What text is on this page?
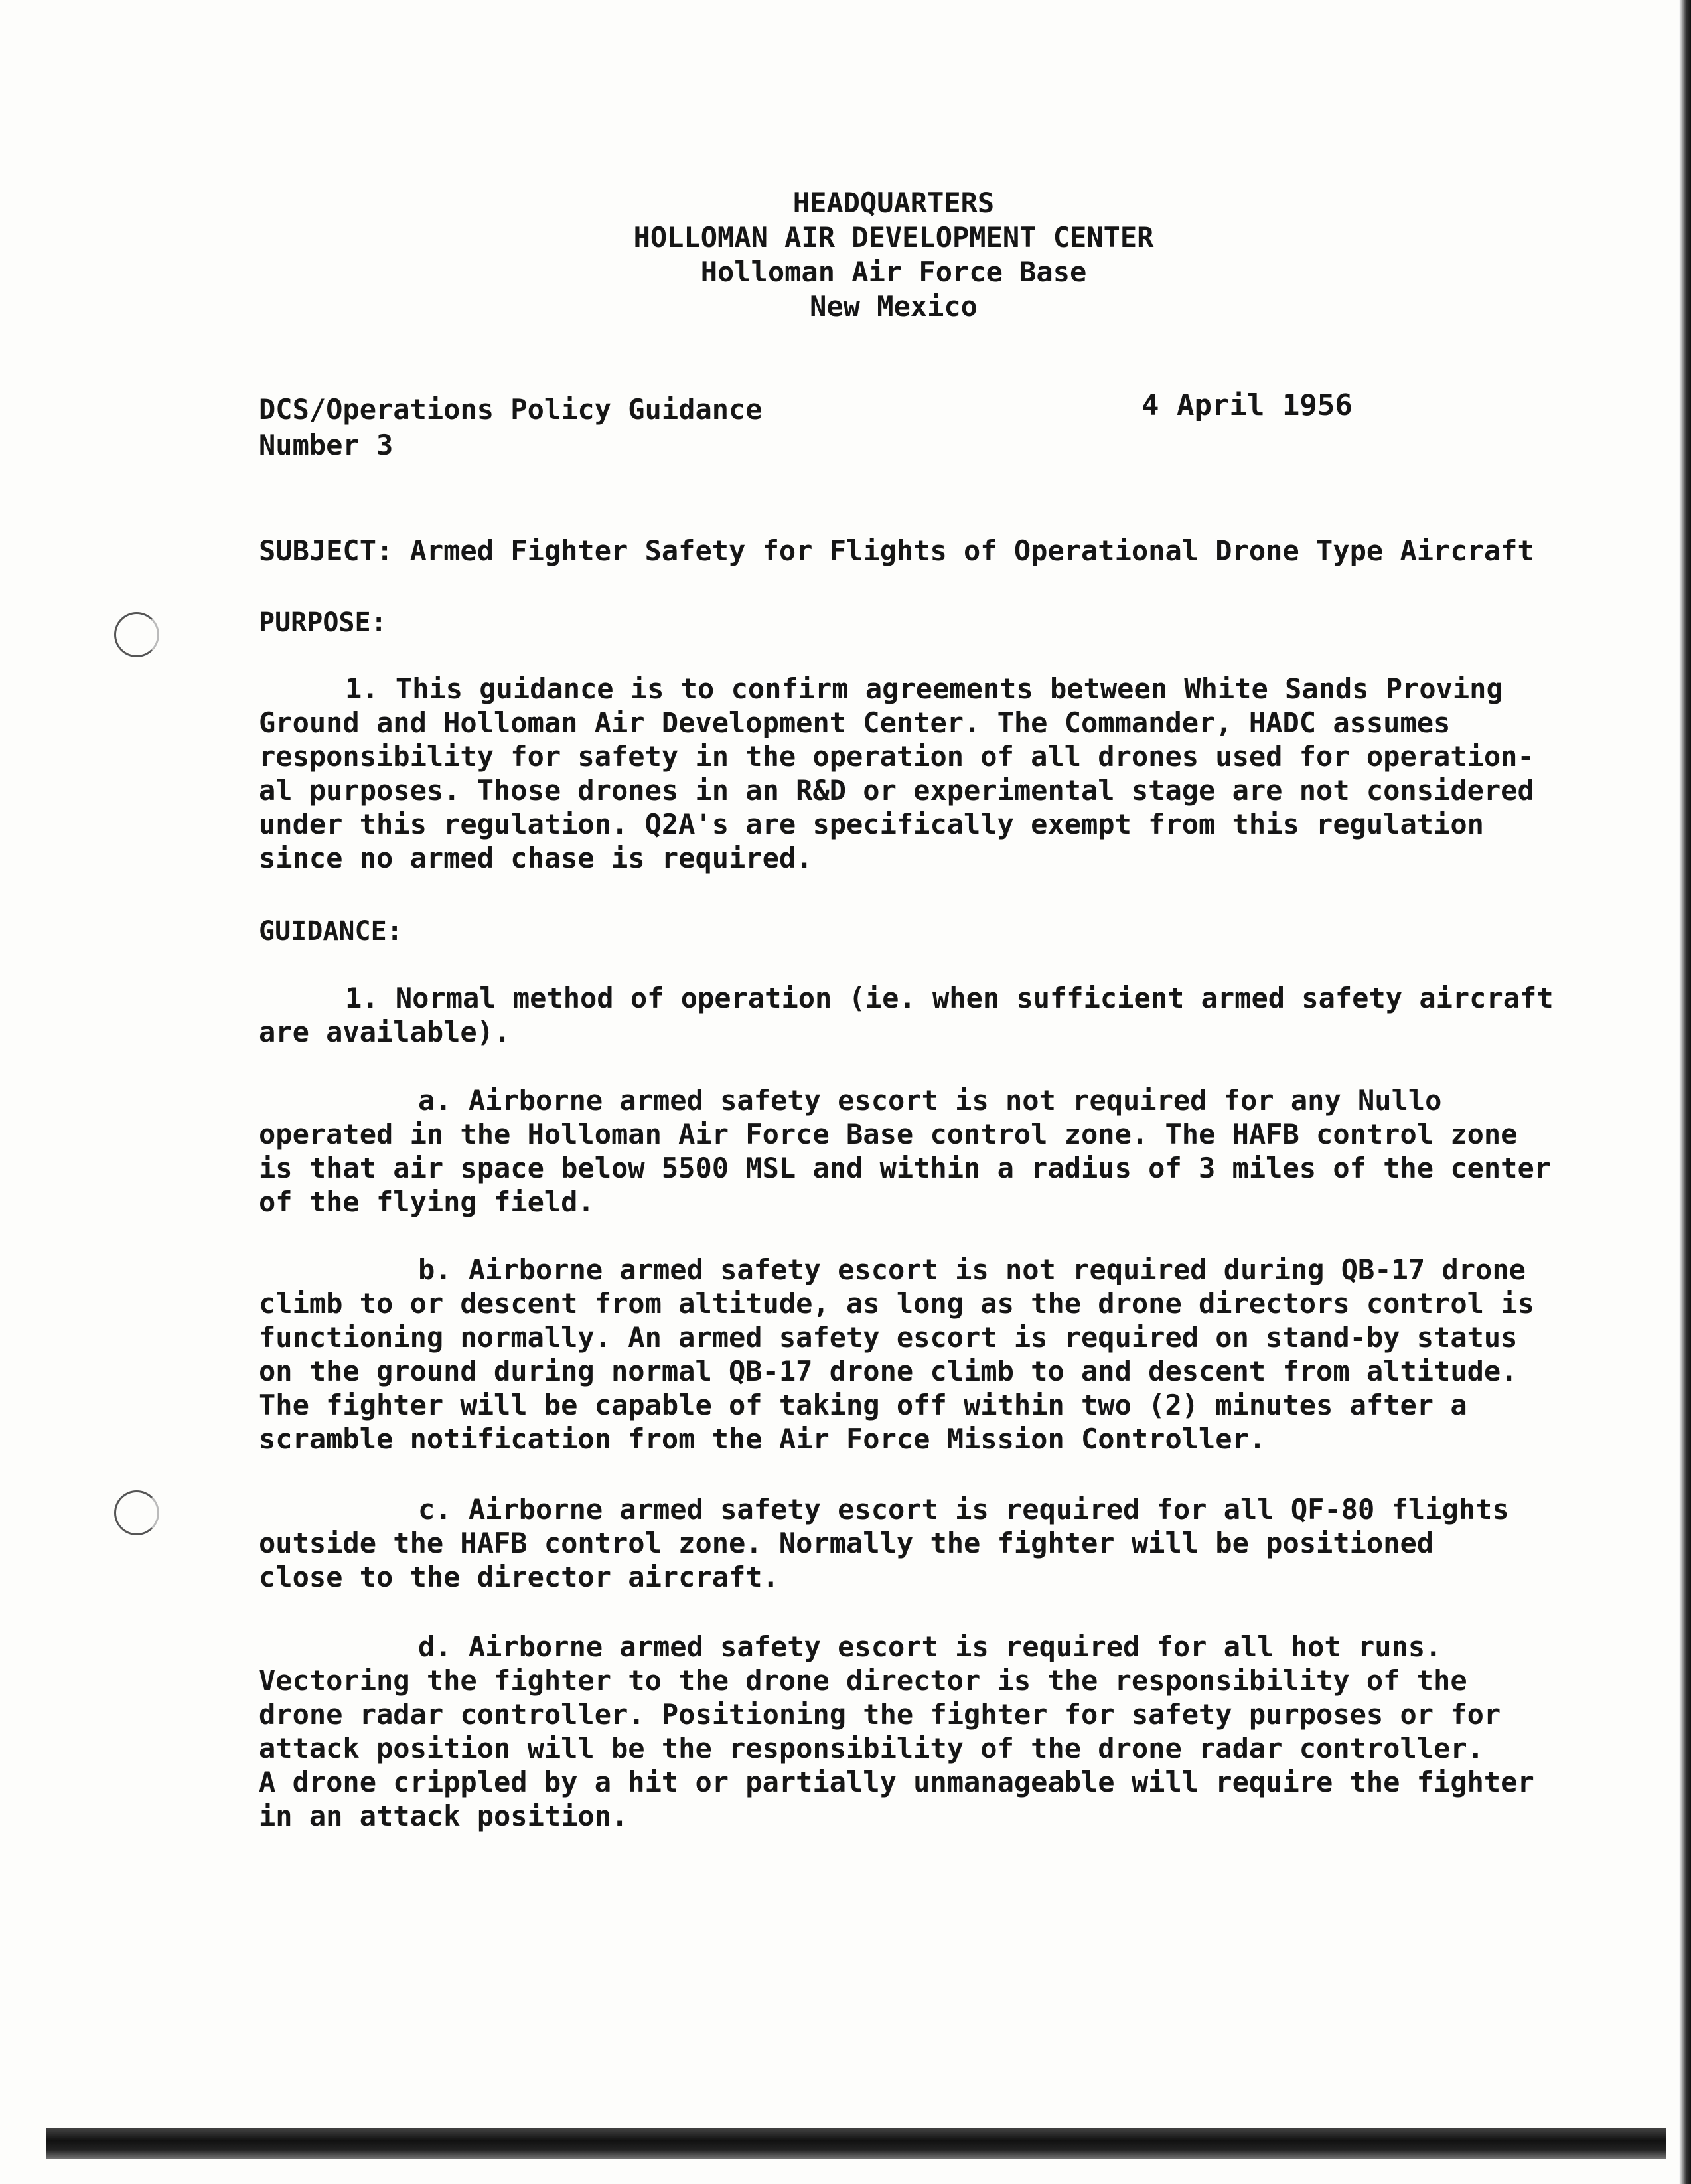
HEADQUARTERS
HOLLOMAN AIR DEVELOPMENT CENTER
Holloman Air Force Base
New Mexico
DCS/Operations Policy Guidance
Number 3
4 April 1956
SUBJECT: Armed Fighter Safety for Flights of Operational Drone Type Aircraft
PURPOSE:
1. This guidance is to confirm agreements between White Sands Proving
Ground and Holloman Air Development Center. The Commander, HADC assumes
responsibility for safety in the operation of all drones used for operation-
al purposes. Those drones in an R&D or experimental stage are not considered
under this regulation. Q2A's are specifically exempt from this regulation
since no armed chase is required.
GUIDANCE:
1. Normal method of operation (ie. when sufficient armed safety aircraft
are available).
a. Airborne armed safety escort is not required for any Nullo
operated in the Holloman Air Force Base control zone. The HAFB control zone
is that air space below 5500 MSL and within a radius of 3 miles of the center
of the flying field.
b. Airborne armed safety escort is not required during QB-17 drone
climb to or descent from altitude, as long as the drone directors control is
functioning normally. An armed safety escort is required on stand-by status
on the ground during normal QB-17 drone climb to and descent from altitude.
The fighter will be capable of taking off within two (2) minutes after a
scramble notification from the Air Force Mission Controller.
c. Airborne armed safety escort is required for all QF-80 flights
outside the HAFB control zone. Normally the fighter will be positioned
close to the director aircraft.
d. Airborne armed safety escort is required for all hot runs.
Vectoring the fighter to the drone director is the responsibility of the
drone radar controller. Positioning the fighter for safety purposes or for
attack position will be the responsibility of the drone radar controller.
A drone crippled by a hit or partially unmanageable will require the fighter
in an attack position.
